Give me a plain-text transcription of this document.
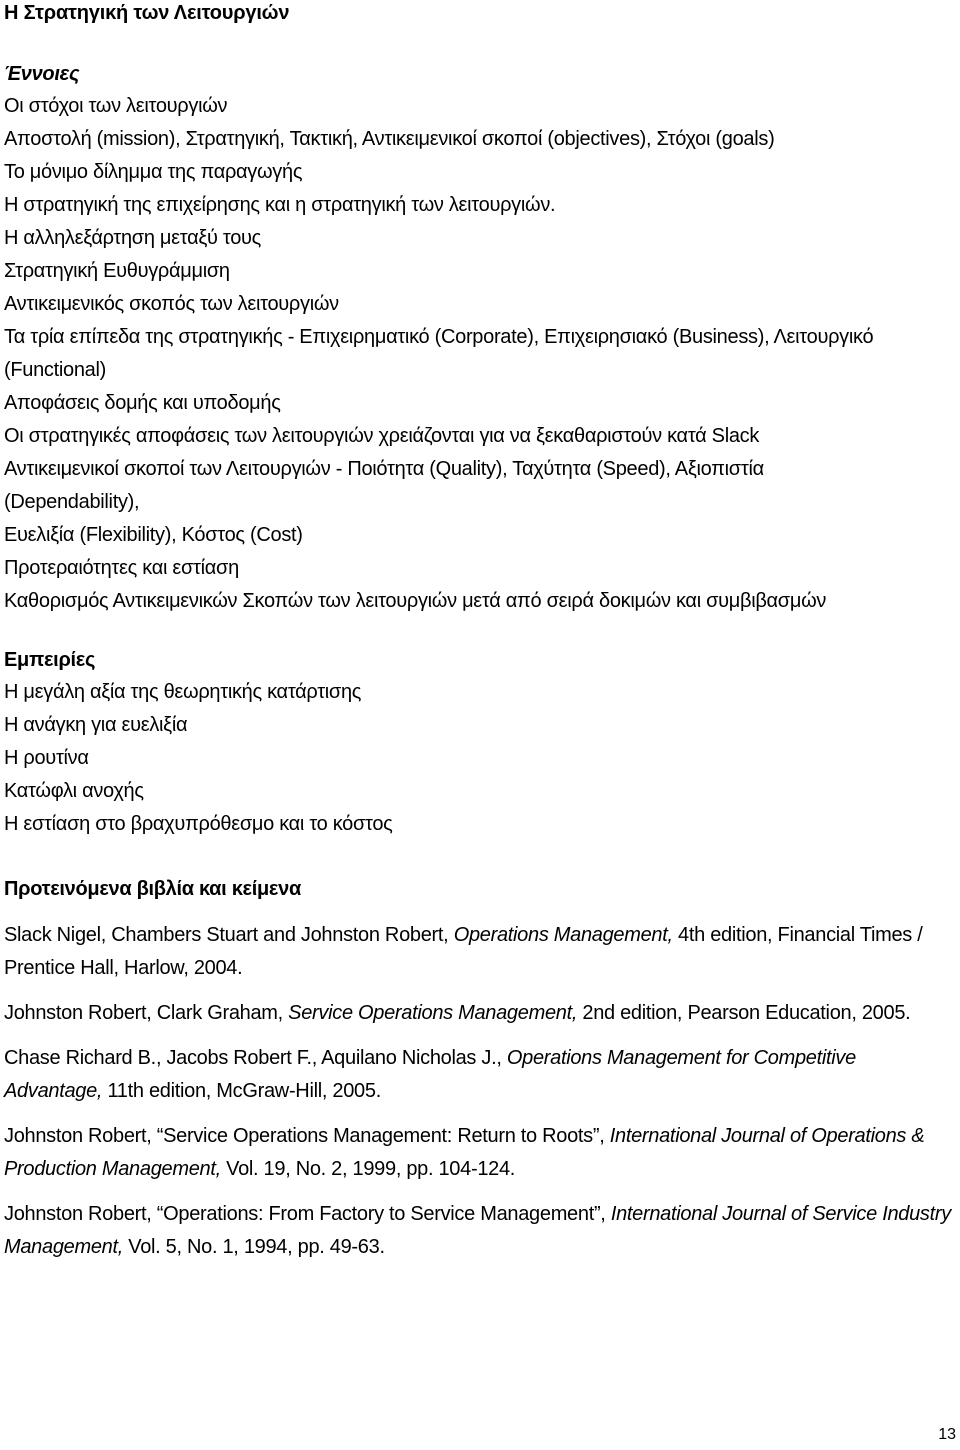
Η Στρατηγική των Λειτουργιών
Έννοιες
Οι στόχοι των λειτουργιών
Αποστολή (mission), Στρατηγική, Τακτική, Αντικειμενικοί σκοποί (objectives), Στόχοι (goals)
Το μόνιμο δίλημμα της παραγωγής
Η στρατηγική της επιχείρησης και η στρατηγική των λειτουργιών.
Η αλληλεξάρτηση μεταξύ τους
Στρατηγική Ευθυγράμμιση
Αντικειμενικός σκοπός των λειτουργιών
Τα τρία επίπεδα της στρατηγικής - Επιχειρηματικό (Corporate), Επιχειρησιακό (Business), Λειτουργικό
(Functional)
Αποφάσεις δομής και υποδομής
Οι στρατηγικές αποφάσεις των λειτουργιών χρειάζονται για να ξεκαθαριστούν κατά Slack
Αντικειμενικοί σκοποί των Λειτουργιών - Ποιότητα (Quality), Ταχύτητα (Speed), Αξιοπιστία
(Dependability),
Ευελιξία (Flexibility), Κόστος (Cost)
Προτεραιότητες και εστίαση
Καθορισμός Αντικειμενικών Σκοπών των λειτουργιών μετά από σειρά δοκιμών και συμβιβασμών
Εμπειρίες
Η μεγάλη αξία της θεωρητικής κατάρτισης
Η ανάγκη για ευελιξία
Η ρουτίνα
Κατώφλι ανοχής
Η εστίαση στο βραχυπρόθεσμο και το κόστος
Προτεινόμενα βιβλία και κείμενα
Slack Nigel, Chambers Stuart and Johnston Robert, Operations Management, 4th edition, Financial Times / Prentice Hall, Harlow, 2004.
Johnston Robert, Clark Graham, Service Operations Management, 2nd edition, Pearson Education, 2005.
Chase Richard B., Jacobs Robert F., Aquilano Nicholas J., Operations Management for Competitive Advantage, 11th edition, McGraw-Hill, 2005.
Johnston Robert, “Service Operations Management: Return to Roots”, International Journal of Operations & Production Management, Vol. 19, No. 2, 1999, pp. 104-124.
Johnston Robert, “Operations: From Factory to Service Management”, International Journal of Service Industry Management, Vol. 5, No. 1, 1994, pp. 49-63.
13
